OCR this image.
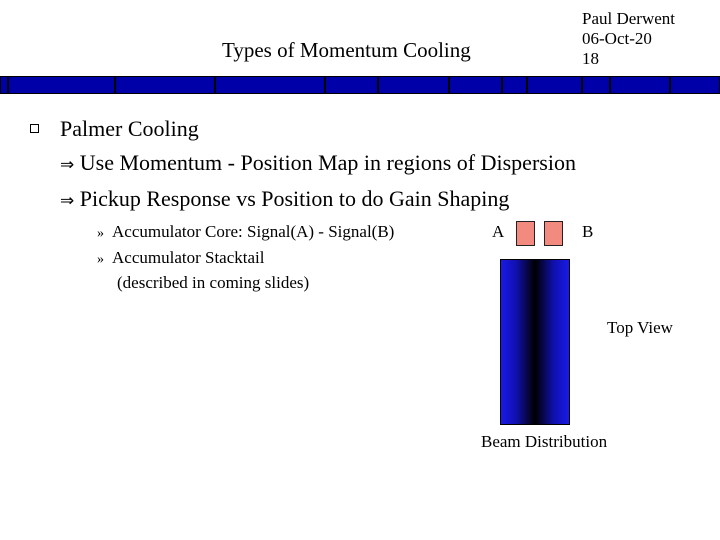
Types of Momentum Cooling
Paul Derwent
06-Oct-20
18
Palmer Cooling
⇒ Use Momentum - Position Map in regions of Dispersion
⇒ Pickup Response vs Position to do Gain Shaping
» Accumulator Core: Signal(A) - Signal(B)
» Accumulator Stacktail
(described in coming slides)
A	B
Top View
Beam Distribution
